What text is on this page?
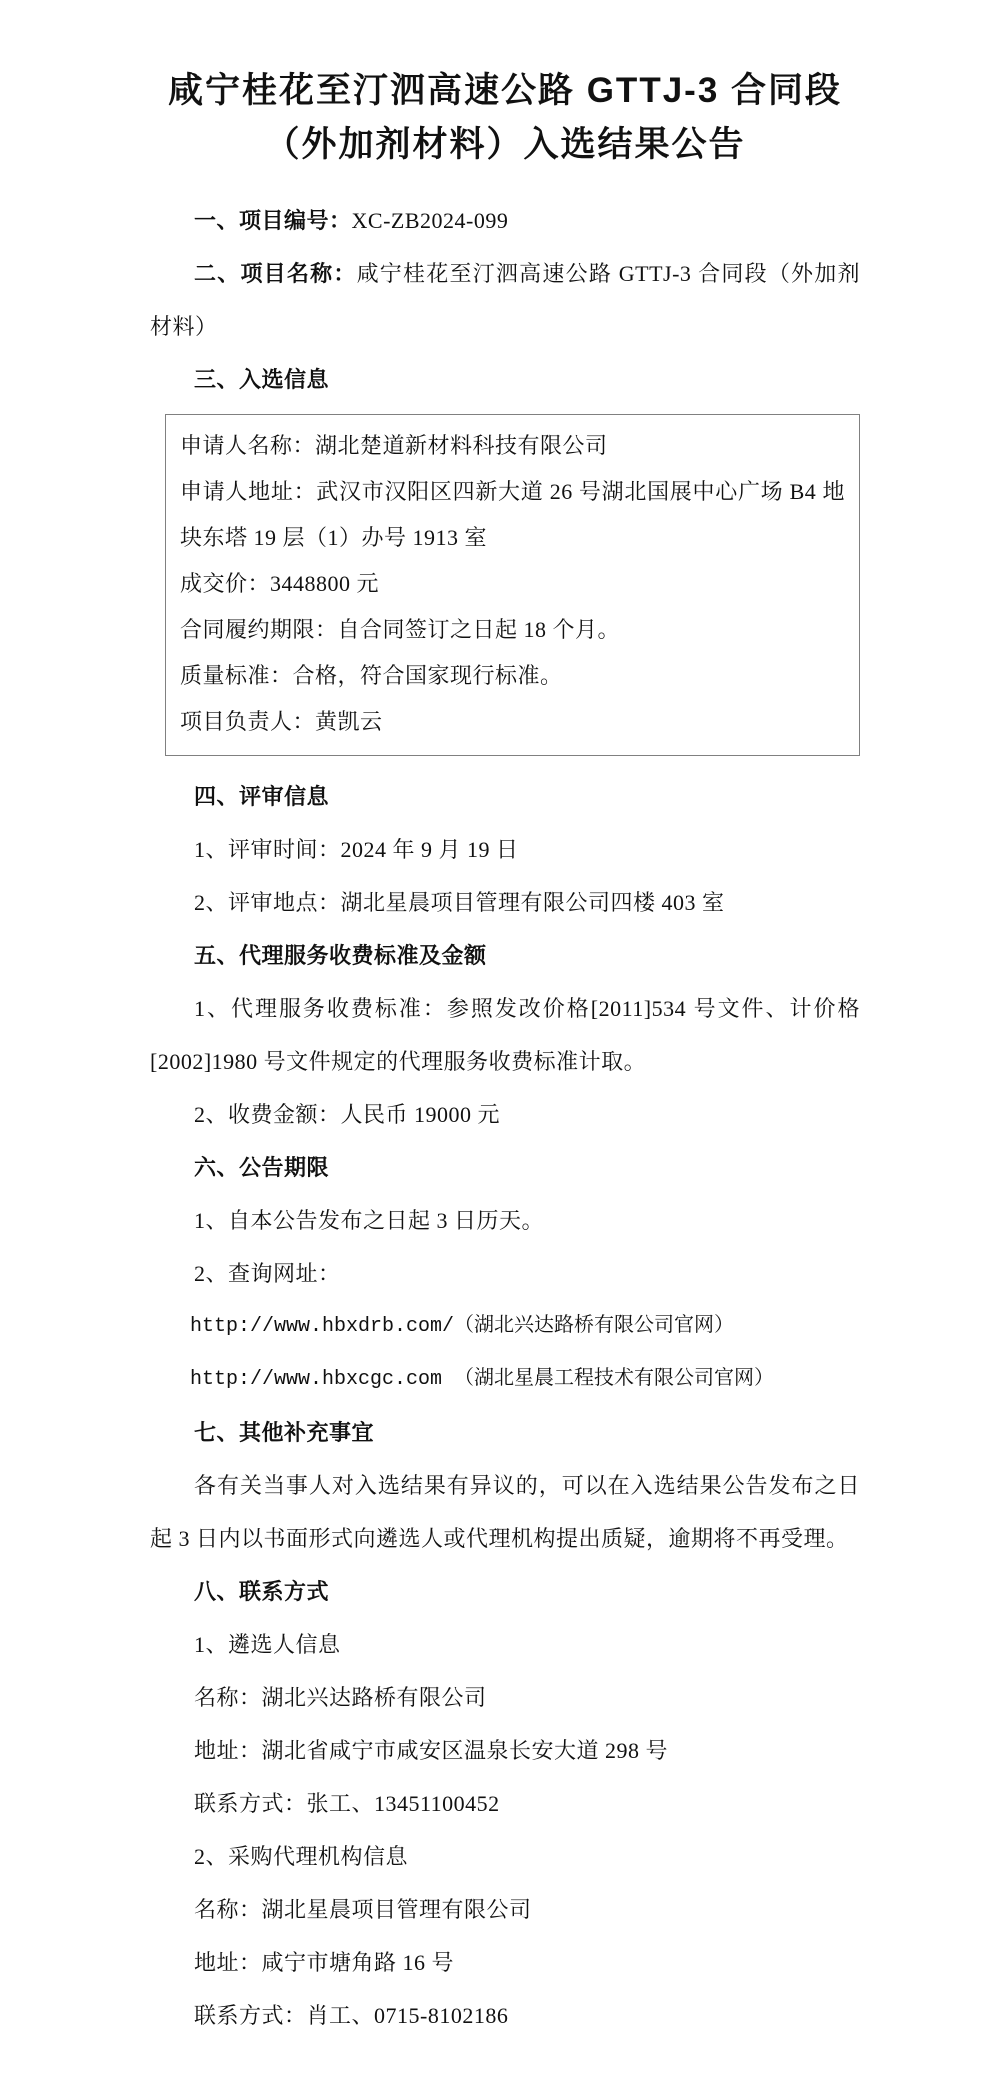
咸宁桂花至汀泗高速公路 GTTJ-3 合同段
（外加剂材料）入选结果公告

一、项目编号：XC-ZB2024-099

二、项目名称：咸宁桂花至汀泗高速公路 GTTJ-3 合同段（外加剂材料）

三、入选信息

申请人名称：湖北楚道新材料科技有限公司

申请人地址：武汉市汉阳区四新大道 26 号湖北国展中心广场 B4 地块东塔 19 层（1）办号 1913 室

成交价：3448800 元

合同履约期限：自合同签订之日起 18 个月。

质量标准：合格，符合国家现行标准。

项目负责人：黄凯云

四、评审信息

1、评审时间：2024 年 9 月 19 日

2、评审地点：湖北星晨项目管理有限公司四楼 403 室

五、代理服务收费标准及金额

1、代理服务收费标准：参照发改价格[2011]534 号文件、计价格[2002]1980 号文件规定的代理服务收费标准计取。

2、收费金额：人民币 19000 元

六、公告期限

1、自本公告发布之日起 3 日历天。

2、查询网址：

http://www.hbxdrb.com/（湖北兴达路桥有限公司官网）

http://www.hbxcgc.com （湖北星晨工程技术有限公司官网）

七、其他补充事宜

各有关当事人对入选结果有异议的，可以在入选结果公告发布之日起 3 日内以书面形式向遴选人或代理机构提出质疑，逾期将不再受理。

八、联系方式

1、遴选人信息

名称：湖北兴达路桥有限公司

地址：湖北省咸宁市咸安区温泉长安大道 298 号

联系方式：张工、13451100452

2、采购代理机构信息

名称：湖北星晨项目管理有限公司

地址：咸宁市塘角路 16 号

联系方式：肖工、0715-8102186
